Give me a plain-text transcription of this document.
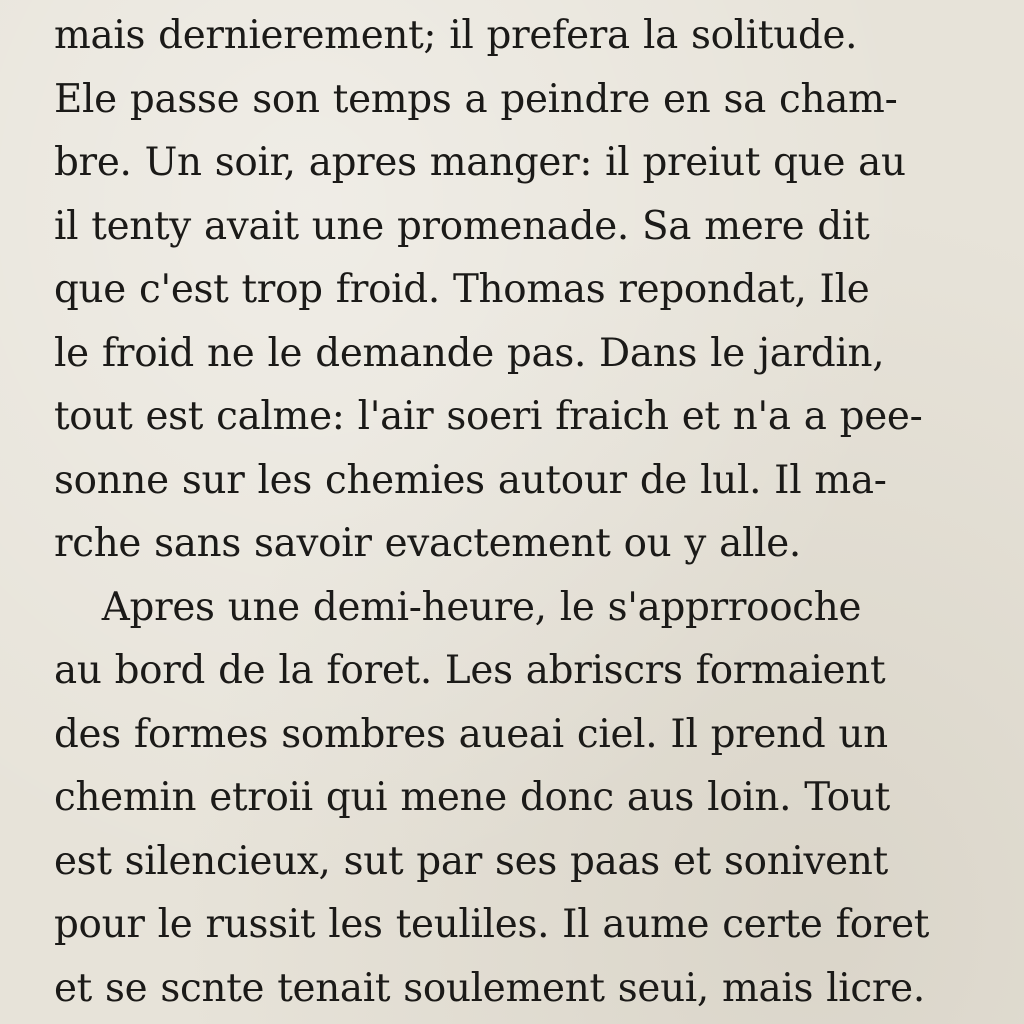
mais dernierement; il prefera la solitude.
Ele passe son temps a peindre en sa cham-
bre. Un soir, apres manger: il preiut que au
il tenty avait une promenade. Sa mere dit
que c'est trop froid. Thomas repondat, Ile
le froid ne le demande pas. Dans le jardin,
tout est calme: l'air soeri fraich et n'a a pee-
sonne sur les chemies autour de lul. Il ma-
rche sans savoir evactement ou y alle.
Apres une demi-heure, le s'apprrooche
au bord de la foret. Les abriscrs formaient
des formes sombres aueai ciel. Il prend un
chemin etroii qui mene donc aus loin. Tout
est silencieux, sut par ses paas et sonivent
pour le russit les teuliles. Il aume certe foret
et se scnte tenait soulement seui, mais licre.
